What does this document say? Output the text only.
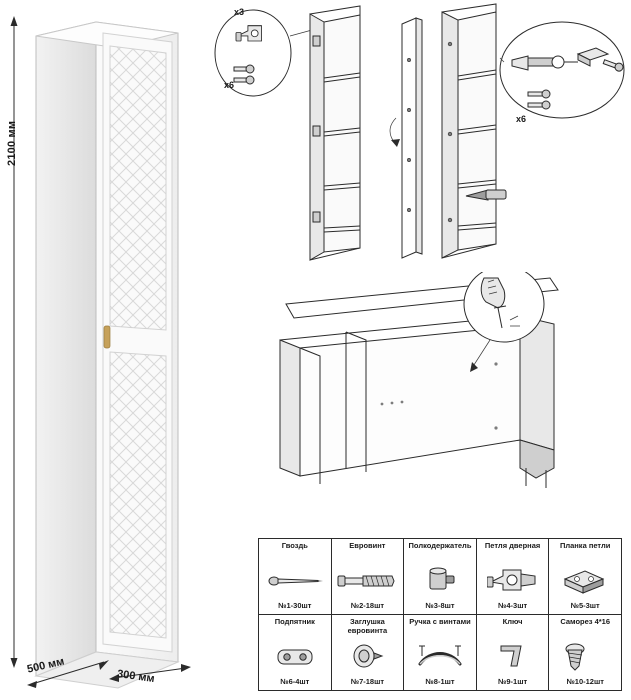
2100 мм
500 мм
300 мм
х3
х6
х6
Гвоздь
№1-30шт
Евровинт
№2-18шт
Полкодержатель
№3-8шт
Петля дверная
№4-3шт
Планка петли
№5-3шт
Подпятник
№6-4шт
Заглушка евровинта
№7-18шт
Ручка с винтами
№8-1шт
Ключ
№9-1шт
Саморез 4*16
№10-12шт
